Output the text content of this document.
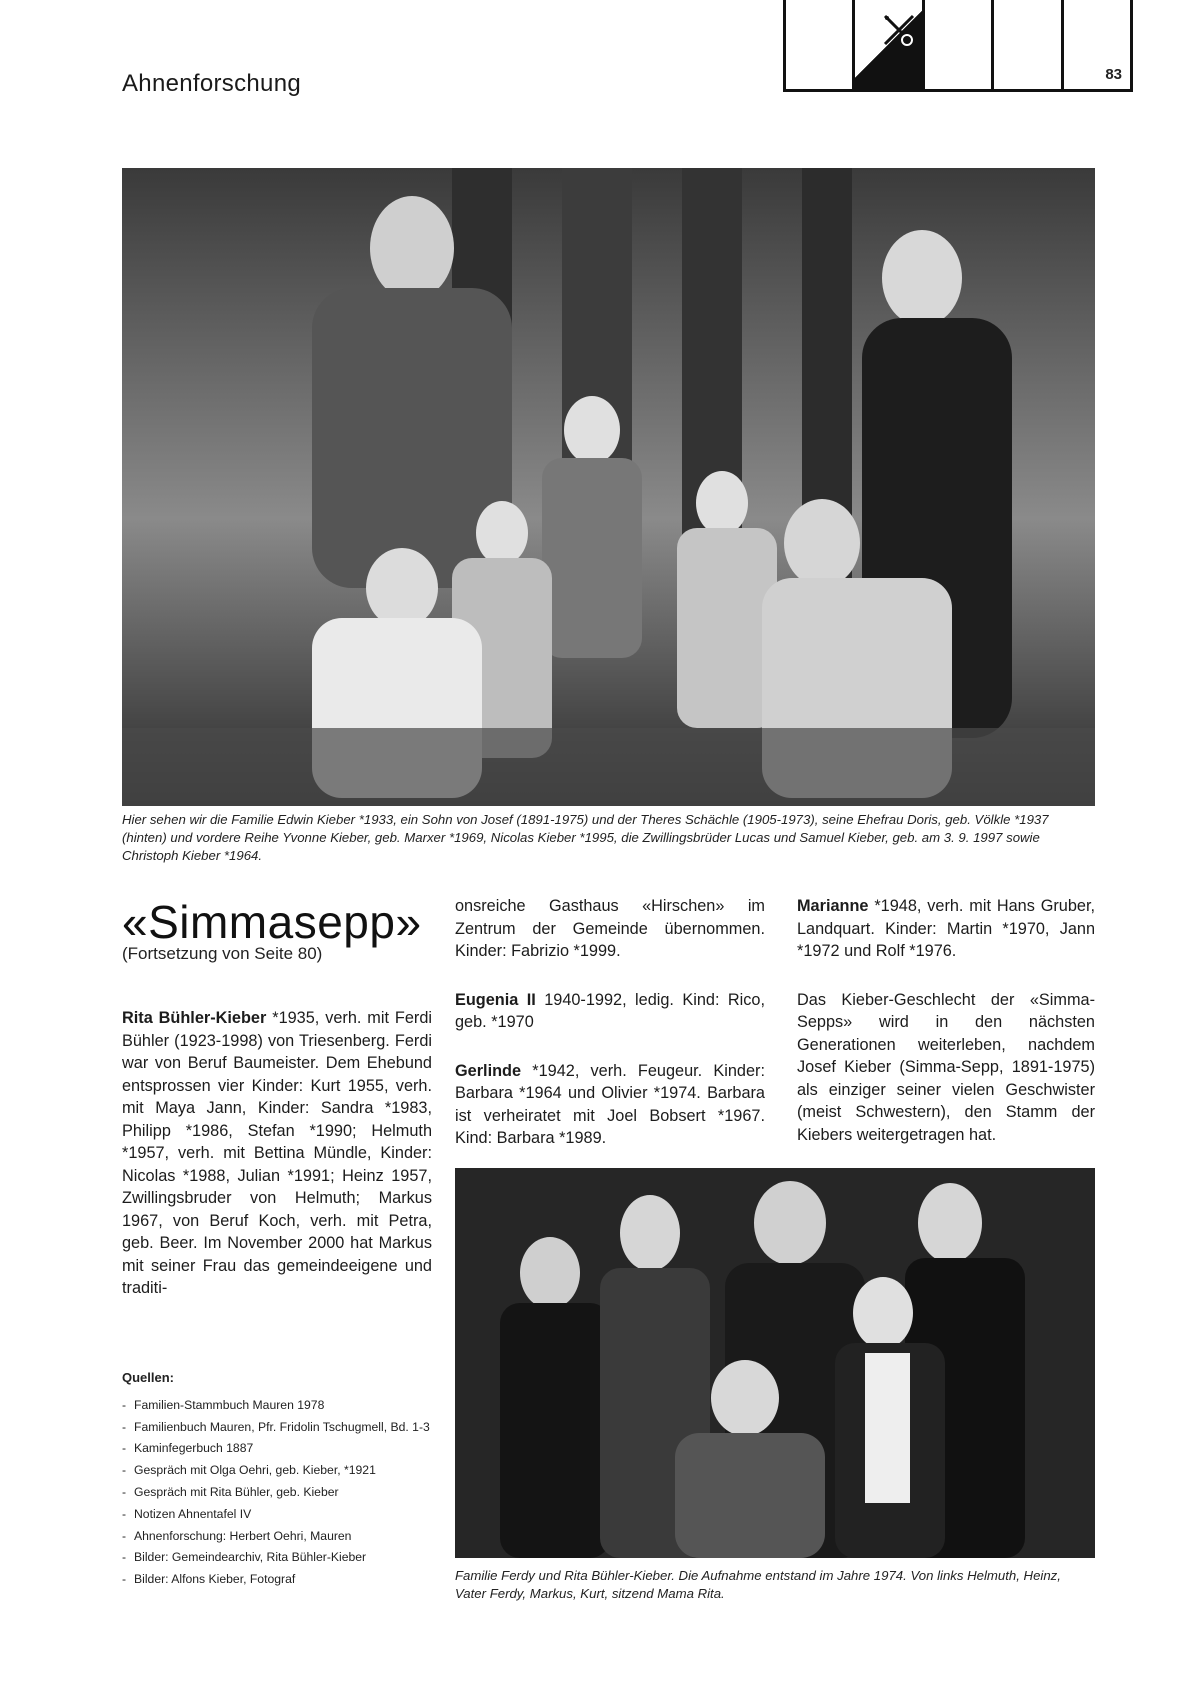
Ahnenforschung	83
Hier sehen wir die Familie Edwin Kieber *1933, ein Sohn von Josef (1891-1975) und der Theres Schächle (1905-1973), seine Ehefrau Doris, geb. Völkle *1937 (hinten) und vordere Reihe Yvonne Kieber, geb. Marxer *1969, Nicolas Kieber *1995, die Zwillingsbrüder Lucas und Samuel Kieber, geb. am 3. 9. 1997 sowie Christoph Kieber *1964.
«Simmasepp»
(Fortsetzung von Seite 80)

Rita Bühler-Kieber *1935, verh. mit Ferdi Bühler (1923-1998) von Triesenberg. Ferdi war von Beruf Baumeister. Dem Ehebund entsprossen vier Kinder: Kurt 1955, verh. mit Maya Jann, Kinder: Sandra *1983, Philipp *1986, Stefan *1990; Helmuth *1957, verh. mit Bettina Mündle, Kinder: Nicolas *1988, Julian *1991; Heinz 1957, Zwillingsbruder von Helmuth; Markus 1967, von Beruf Koch, verh. mit Petra, geb. Beer. Im November 2000 hat Markus mit seiner Frau das gemeindeeigene und traditi-

onsreiche Gasthaus «Hirschen» im Zentrum der Gemeinde übernommen. Kinder: Fabrizio *1999.

Eugenia II 1940-1992, ledig. Kind: Rico, geb. *1970

Gerlinde *1942, verh. Feugeur. Kinder: Barbara *1964 und Olivier *1974. Barbara ist verheiratet mit Joel Bobsert *1967. Kind: Barbara *1989.

Marianne *1948, verh. mit Hans Gruber, Landquart. Kinder: Martin *1970, Jann *1972 und Rolf *1976.

Das Kieber-Geschlecht der «Simma-Sepps» wird in den nächsten Generationen weiterleben, nachdem Josef Kieber (Simma-Sepp, 1891-1975) als einziger seiner vielen Geschwister (meist Schwestern), den Stamm der Kiebers weitergetragen hat.

Familie Ferdy und Rita Bühler-Kieber. Die Aufnahme entstand im Jahre 1974. Von links Helmuth, Heinz, Vater Ferdy, Markus, Kurt, sitzend Mama Rita.
Quellen:
- Familien-Stammbuch Mauren 1978
- Familienbuch Mauren, Pfr. Fridolin Tschugmell, Bd. 1-3
- Kaminfegerbuch 1887
- Gespräch mit Olga Oehri, geb. Kieber, *1921
- Gespräch mit Rita Bühler, geb. Kieber
- Notizen Ahnentafel IV
- Ahnenforschung: Herbert Oehri, Mauren
- Bilder: Gemeindearchiv, Rita Bühler-Kieber
- Bilder: Alfons Kieber, Fotograf
